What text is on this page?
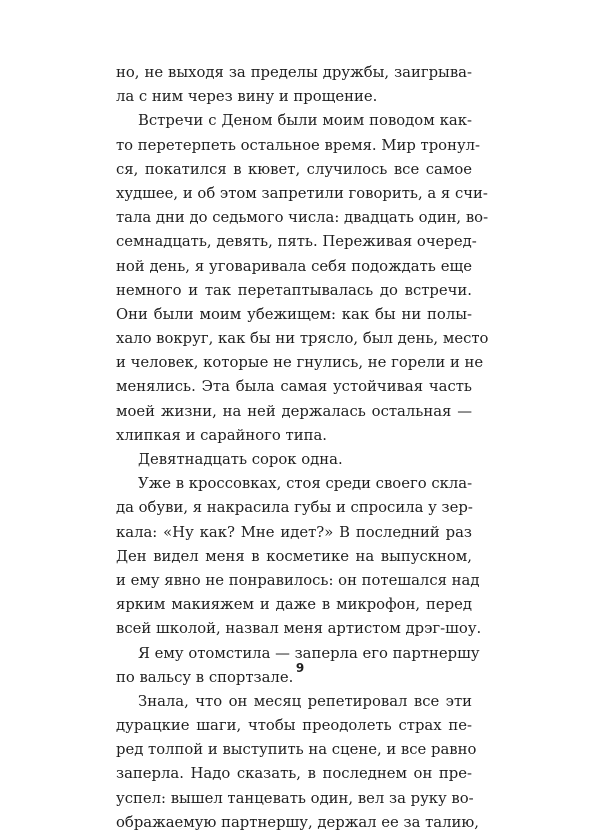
но, не выходя за пределы дружбы, заигрыва-
ла с ним через вину и прощение.
Встречи с Деном были моим поводом как-
то перетерпеть остальное время. Мир тронул-
ся, покатился в кювет, случилось все самое
худшее, и об этом запретили говорить, а я счи-
тала дни до седьмого числа: двадцать один, во-
семнадцать, девять, пять. Переживая очеред-
ной день, я уговаривала себя подождать еще
немного и так перетаптывалась до встречи.
Они были моим убежищем: как бы ни полы-
хало вокруг, как бы ни трясло, был день, место
и человек, которые не гнулись, не горели и не
менялись. Эта была самая устойчивая часть
моей жизни, на ней держалась остальная —
хлипкая и сарайного типа.
Девятнадцать сорок одна.
Уже в кроссовках, стоя среди своего скла-
да обуви, я накрасила губы и спросила у зер-
кала: «Ну как? Мне идет?» В последний раз
Ден видел меня в косметике на выпускном,
и ему явно не понравилось: он потешался над
ярким макияжем и даже в микрофон, перед
всей школой, назвал меня артистом дрэг-шоу.
Я ему отомстила — заперла его партнершу
по вальсу в спортзале.
Знала, что он месяц репетировал все эти
дурацкие шаги, чтобы преодолеть страх пе-
ред толпой и выступить на сцене, и все равно
заперла. Надо сказать, в последнем он пре-
успел: вышел танцевать один, вел за руку во-
ображаемую партнершу, держал ее за талию,
9
